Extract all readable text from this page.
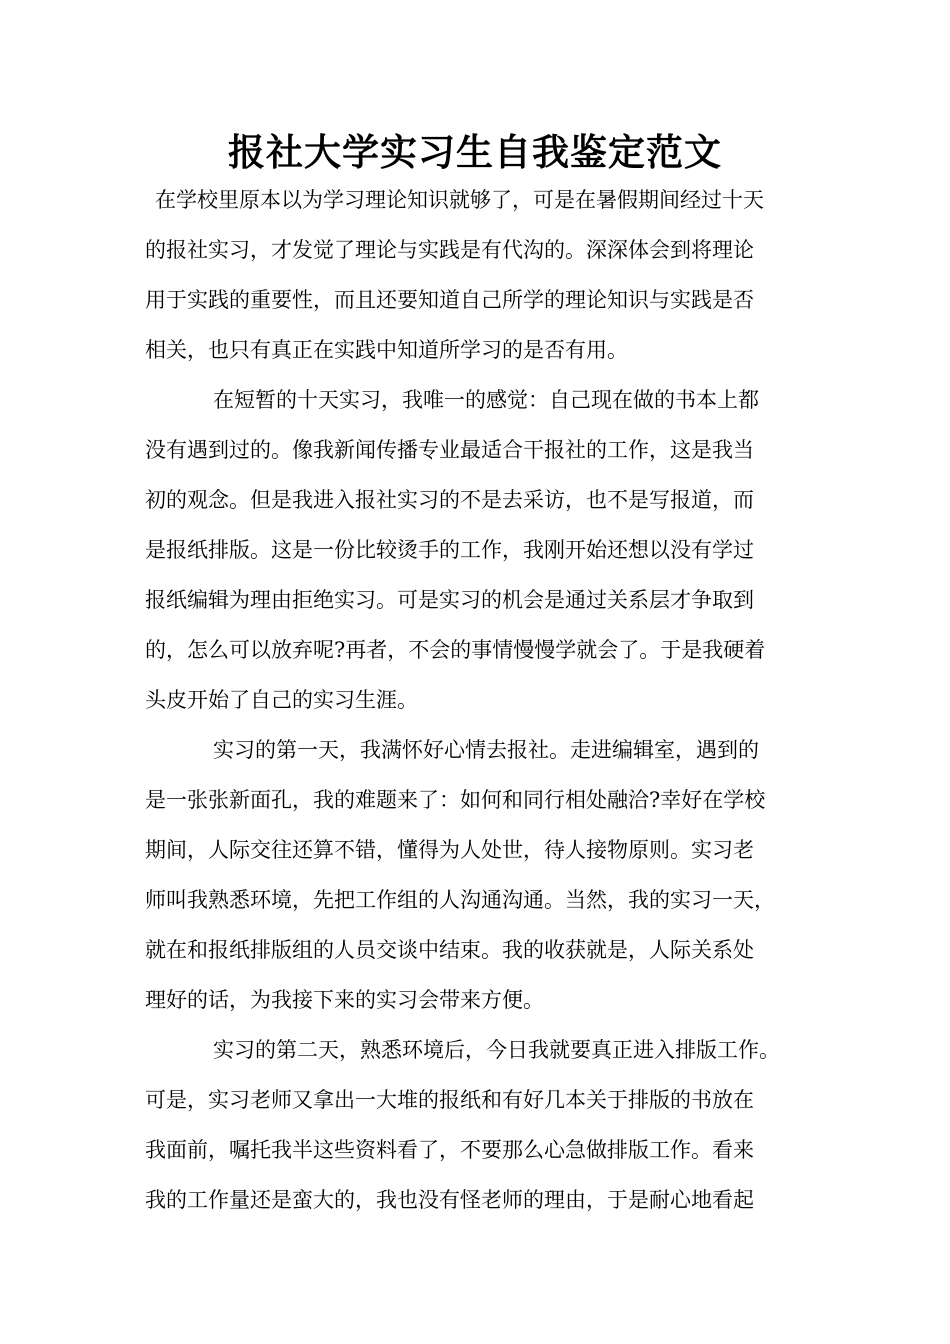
报社大学实习生自我鉴定范文
在学校里原本以为学习理论知识就够了，可是在暑假期间经过十天
的报社实习，才发觉了理论与实践是有代沟的。深深体会到将理论
用于实践的重要性，而且还要知道自己所学的理论知识与实践是否
相关，也只有真正在实践中知道所学习的是否有用。
在短暂的十天实习，我唯一的感觉：自己现在做的书本上都
没有遇到过的。像我新闻传播专业最适合干报社的工作，这是我当
初的观念。但是我进入报社实习的不是去采访，也不是写报道，而
是报纸排版。这是一份比较烫手的工作，我刚开始还想以没有学过
报纸编辑为理由拒绝实习。可是实习的机会是通过关系层才争取到
的，怎么可以放弃呢?再者，不会的事情慢慢学就会了。于是我硬着
头皮开始了自己的实习生涯。
实习的第一天，我满怀好心情去报社。走进编辑室，遇到的
是一张张新面孔，我的难题来了：如何和同行相处融洽?幸好在学校
期间，人际交往还算不错，懂得为人处世，待人接物原则。实习老
师叫我熟悉环境，先把工作组的人沟通沟通。当然，我的实习一天，
就在和报纸排版组的人员交谈中结束。我的收获就是，人际关系处
理好的话，为我接下来的实习会带来方便。
实习的第二天，熟悉环境后，今日我就要真正进入排版工作。
可是，实习老师又拿出一大堆的报纸和有好几本关于排版的书放在
我面前，嘱托我半这些资料看了，不要那么心急做排版工作。看来
我的工作量还是蛮大的，我也没有怪老师的理由，于是耐心地看起
